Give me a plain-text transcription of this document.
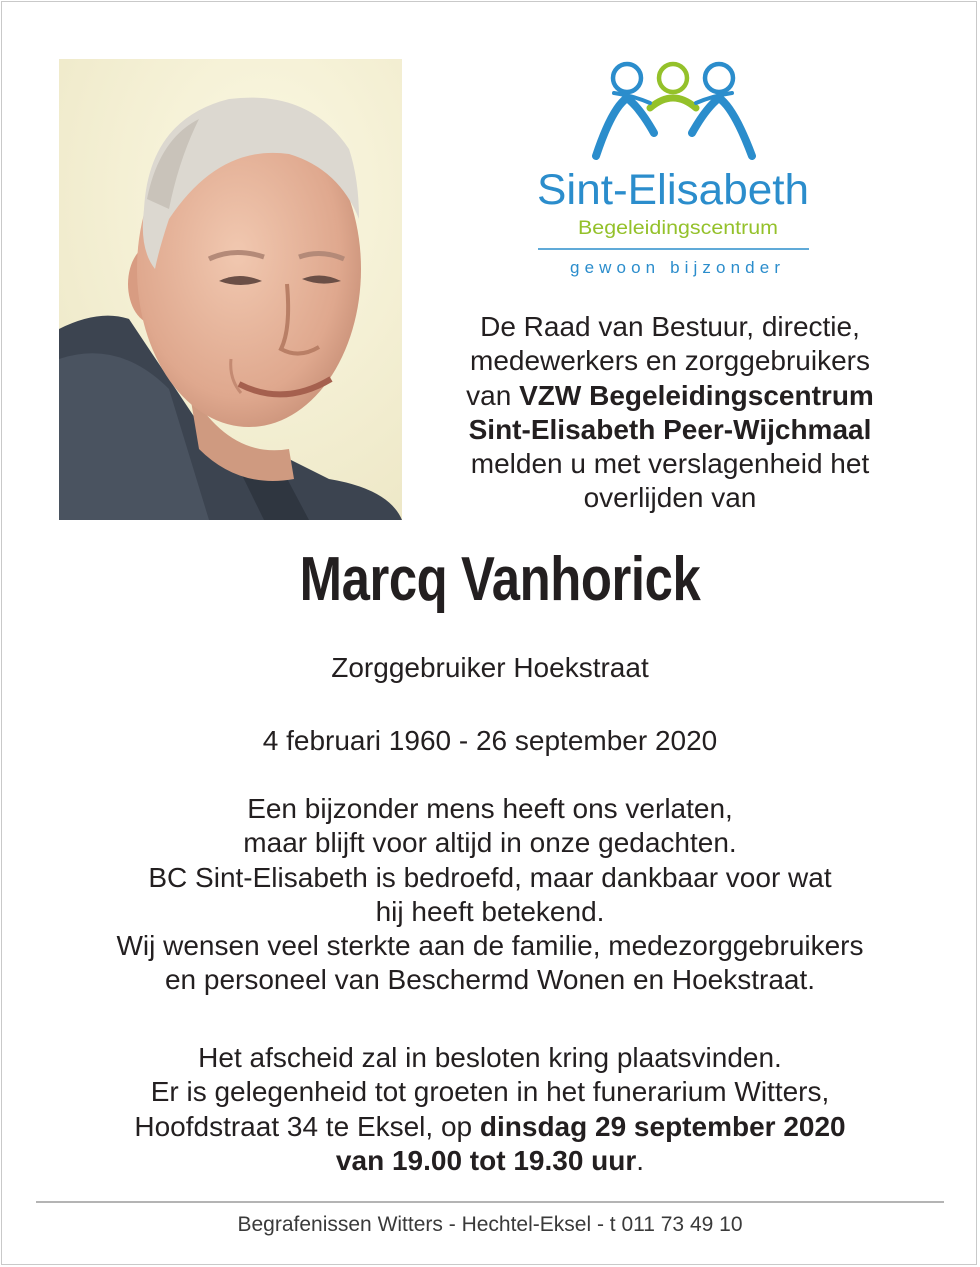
Sint-Elisabeth
Begeleidingscentrum
gewoon bijzonder
De Raad van Bestuur, directie,
medewerkers en zorggebruikers
van VZW Begeleidingscentrum
Sint-Elisabeth Peer-Wijchmaal
melden u met verslagenheid het
overlijden van
Marcq Vanhorick
Zorggebruiker Hoekstraat
4 februari 1960 - 26 september 2020
Een bijzonder mens heeft ons verlaten,
maar blijft voor altijd in onze gedachten.
BC Sint-Elisabeth is bedroefd, maar dankbaar voor wat
hij heeft betekend.
Wij wensen veel sterkte aan de familie, medezorggebruikers
en personeel van Beschermd Wonen en Hoekstraat.
Het afscheid zal in besloten kring plaatsvinden.
Er is gelegenheid tot groeten in het funerarium Witters,
Hoofdstraat 34 te Eksel, op dinsdag 29 september 2020
van 19.00 tot 19.30 uur.
Begrafenissen Witters - Hechtel-Eksel - t 011 73 49 10
